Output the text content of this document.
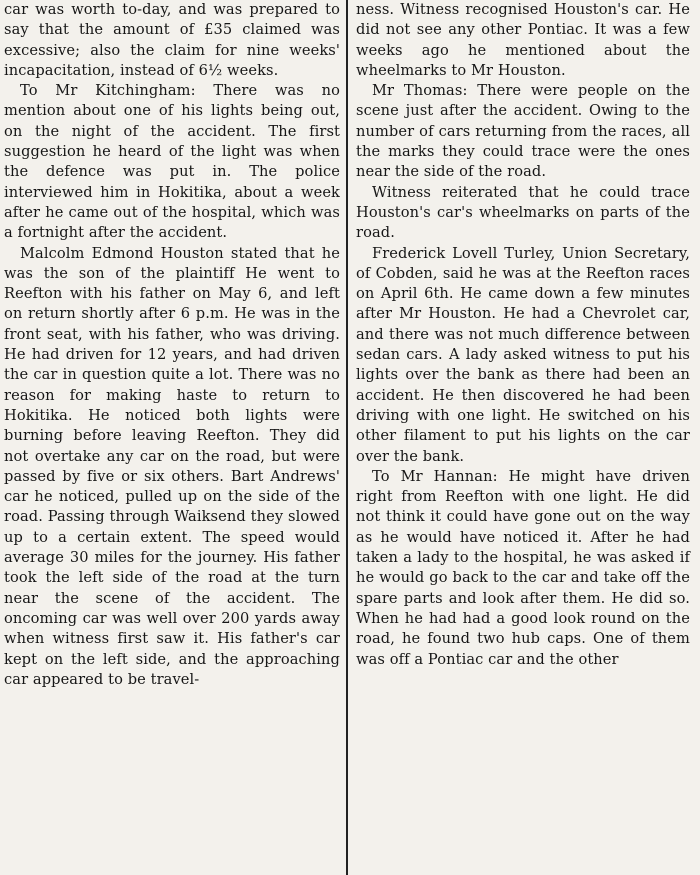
car was worth to-day, and was prepared to say that the amount of £35 claimed was excessive; also the claim for nine weeks' incapacitation, instead of 6½ weeks.

To Mr Kitchingham: There was no mention about one of his lights being out, on the night of the accident. The first suggestion he heard of the light was when the defence was put in. The police interviewed him in Hokitika, about a week after he came out of the hospital, which was a fortnight after the accident.

Malcolm Edmond Houston stated that he was the son of the plaintiff He went to Reefton with his father on May 6, and left on return shortly after 6 p.m. He was in the front seat, with his father, who was driving. He had driven for 12 years, and had driven the car in question quite a lot. There was no reason for making haste to return to Hokitika. He noticed both lights were burning before leaving Reefton. They did not overtake any car on the road, but were passed by five or six others. Bart Andrews' car he noticed, pulled up on the side of the road. Passing through Waiksend they slowed up to a certain extent. The speed would average 30 miles for the journey. His father took the left side of the road at the turn near the scene of the accident. The oncoming car was well over 200 yards away when witness first saw it. His father's car kept on the left side, and the approaching car appeared to be travel-

ness. Witness recognised Houston's car. He did not see any other Pontiac. It was a few weeks ago he mentioned about the wheelmarks to Mr Houston.

Mr Thomas: There were people on the scene just after the accident. Owing to the number of cars returning from the races, all the marks they could trace were the ones near the side of the road.

Witness reiterated that he could trace Houston's car's wheelmarks on parts of the road.

Frederick Lovell Turley, Union Secretary, of Cobden, said he was at the Reefton races on April 6th. He came down a few minutes after Mr Houston. He had a Chevrolet car, and there was not much difference between sedan cars. A lady asked witness to put his lights over the bank as there had been an accident. He then discovered he had been driving with one light. He switched on his other filament to put his lights on the car over the bank.

To Mr Hannan: He might have driven right from Reefton with one light. He did not think it could have gone out on the way as he would have noticed it. After he had taken a lady to the hospital, he was asked if he would go back to the car and take off the spare parts and look after them. He did so. When he had had a good look round on the road, he found two hub caps. One of them was off a Pontiac car and the other
